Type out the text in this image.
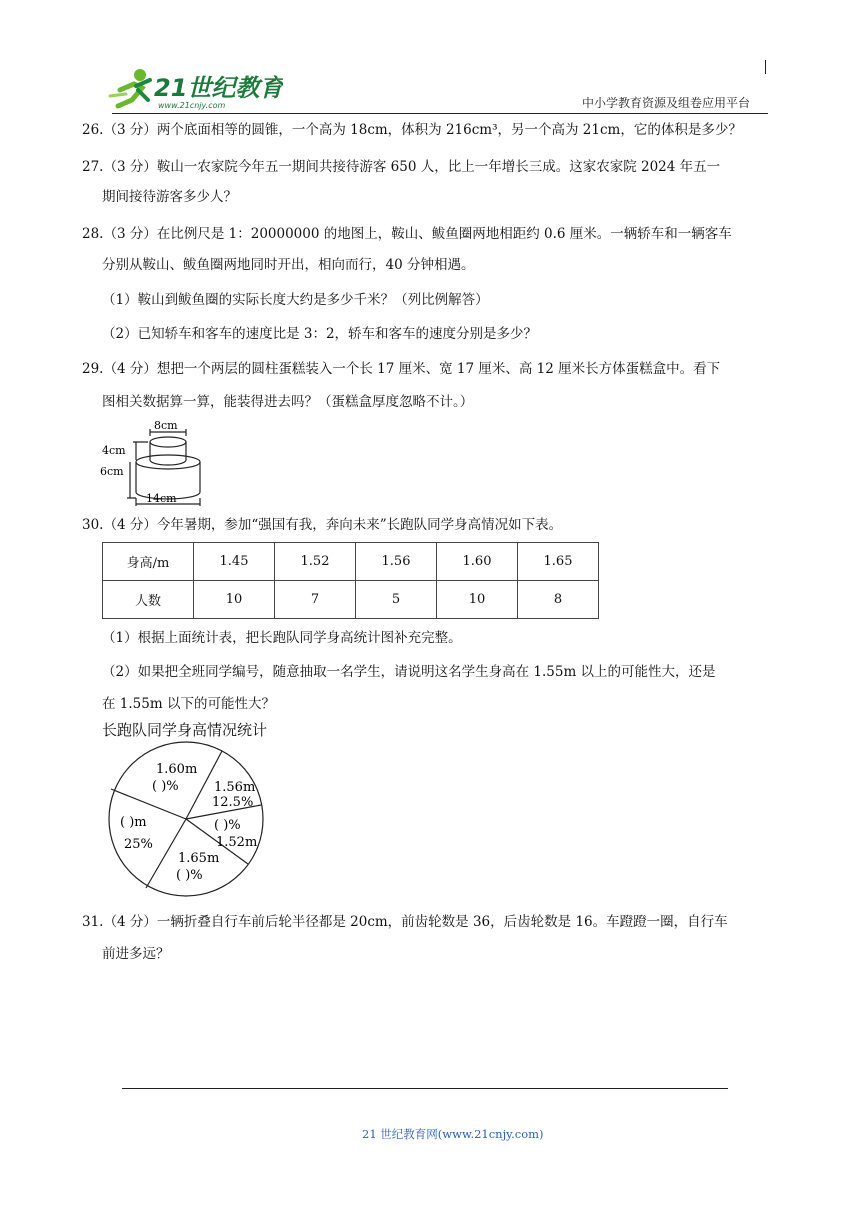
21世纪教育
www.21cnjy.com	中小学教育资源及组卷应用平台
26.（3 分）两个底面相等的圆锥，一个高为 18cm，体积为 216cm³，另一个高为 21cm，它的体积是多少？
27.（3 分）鞍山一农家院今年五一期间共接待游客 650 人，比上一年增长三成。这家农家院 2024 年五一
期间接待游客多少人？
28.（3 分）在比例尺是 1：20000000 的地图上，鞍山、鲅鱼圈两地相距约 0.6 厘米。一辆轿车和一辆客车
分别从鞍山、鲅鱼圈两地同时开出，相向而行，40 分钟相遇。
（1）鞍山到鲅鱼圈的实际长度大约是多少千米？（列比例解答）
（2）已知轿车和客车的速度比是 3：2，轿车和客车的速度分别是多少？
29.（4 分）想把一个两层的圆柱蛋糕装入一个长 17 厘米、宽 17 厘米、高 12 厘米长方体蛋糕盒中。看下
图相关数据算一算，能装得进去吗？（蛋糕盒厚度忽略不计。）
8cm
4cm
6cm
14cm
30.（4 分）今年暑期，参加“强国有我，奔向未来”长跑队同学身高情况如下表。
身高/m	1.45	1.52	1.56	1.60	1.65
人数	10	7	5	10	8
（1）根据上面统计表，把长跑队同学身高统计图补充完整。
（2）如果把全班同学编号，随意抽取一名学生，请说明这名学生身高在 1.55m 以上的可能性大，还是
在 1.55m 以下的可能性大？
长跑队同学身高情况统计
1.60m
( )%	1.56m
12.5%
( )%
1.52m
1.65m
( )%
( )m
25%
31.（4 分）一辆折叠自行车前后轮半径都是 20cm，前齿轮数是 36，后齿轮数是 16。车蹬蹬一圈，自行车
前进多远？
21 世纪教育网(www.21cnjy.com)
